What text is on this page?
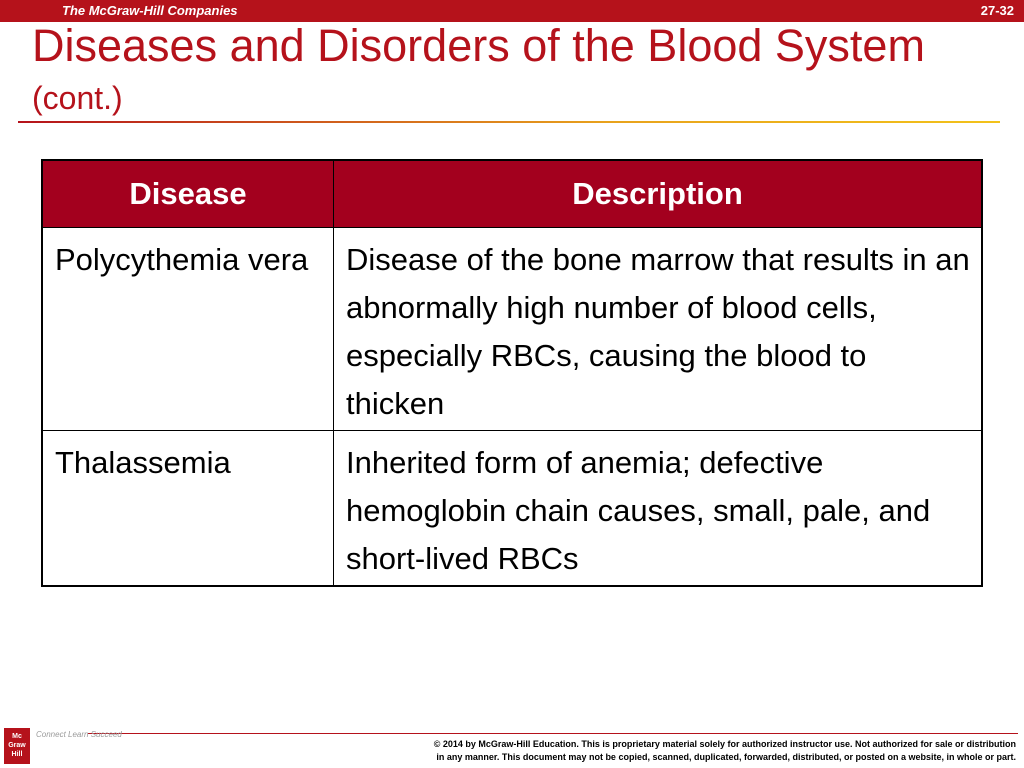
The McGraw-Hill Companies	27-32
Diseases and Disorders of the Blood System (cont.)
Disease	Description
Polycythemia vera	Disease of the bone marrow that results in an abnormally high number of blood cells, especially RBCs, causing the blood to thicken
Thalassemia	Inherited form of anemia; defective hemoglobin chain causes, small, pale, and short-lived RBCs
Mc Graw Hill
Connect Learn Succeed
© 2014 by McGraw-Hill Education. This is proprietary material solely for authorized instructor use. Not authorized for sale or distribution
in any manner. This document may not be copied, scanned, duplicated, forwarded, distributed, or posted on a website, in whole or part.
